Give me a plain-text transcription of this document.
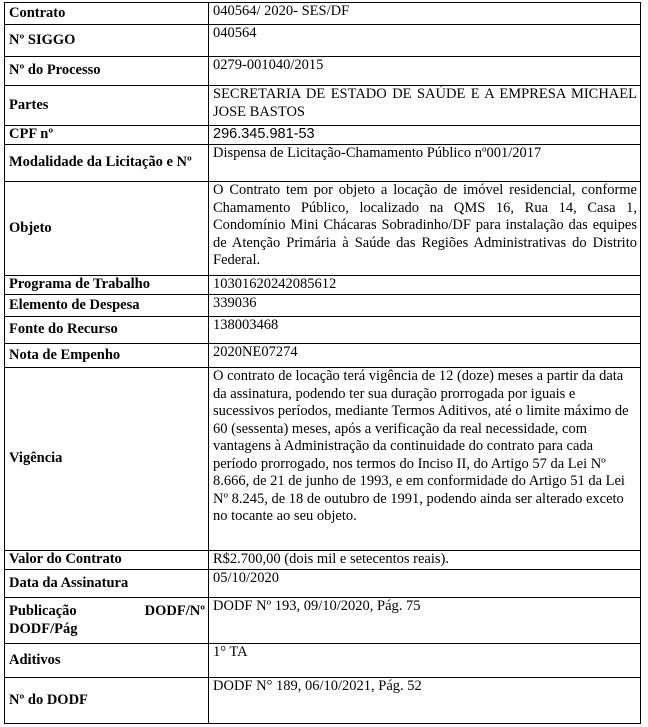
Contrato	040564/ 2020- SES/DF
Nº SIGGO	040564
Nº do Processo	0279-001040/2015
Partes	SECRETARIA DE ESTADO DE SAÚDE E A EMPRESA MICHAEL JOSE BASTOS
CPF nº	296.345.981-53
Modalidade da Licitação e Nº	Dispensa de Licitação-Chamamento Público nº001/2017
Objeto	O Contrato tem por objeto a locação de imóvel residencial, conforme Chamamento Público, localizado na QMS 16, Rua 14, Casa 1, Condomínio Mini Chácaras Sobradinho/DF para instalação das equipes de Atenção Primária à Saúde das Regiões Administrativas do Distrito Federal.
Programa de Trabalho	10301620242085612
Elemento de Despesa	339036
Fonte do Recurso	138003468
Nota de Empenho	2020NE07274
Vigência	O contrato de locação terá vigência de 12 (doze) meses a partir da data da assinatura, podendo ter sua duração prorrogada por iguais e sucessivos períodos, mediante Termos Aditivos, até o limite máximo de 60 (sessenta) meses, após a verificação da real necessidade, com vantagens à Administração da continuidade do contrato para cada período prorrogado, nos termos do Inciso II, do Artigo 57 da Lei Nº 8.666, de 21 de junho de 1993, e em conformidade do Artigo 51 da Lei Nº 8.245, de 18 de outubro de 1991, podendo ainda ser alterado exceto no tocante ao seu objeto.
Valor do Contrato	R$2.700,00 (dois mil e setecentos reais).
Data da Assinatura	05/10/2020

Publicação DODF/Nº
DODF/Pág	DODF Nº 193, 09/10/2020, Pág. 75
Aditivos	1° TA
Nº do DODF	DODF N° 189, 06/10/2021, Pág. 52
